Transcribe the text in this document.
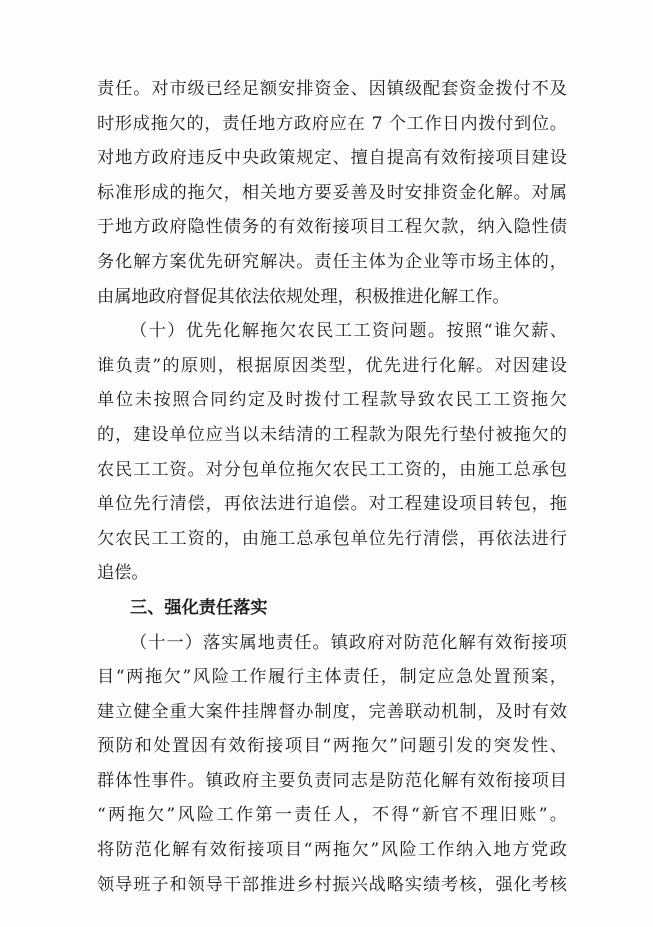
责任。对市级已经足额安排资金、因镇级配套资金拨付不及
时形成拖欠的，责任地方政府应在 7 个工作日内拨付到位。
对地方政府违反中央政策规定、擅自提高有效衔接项目建设
标准形成的拖欠，相关地方要妥善及时安排资金化解。对属
于地方政府隐性债务的有效衔接项目工程欠款，纳入隐性债
务化解方案优先研究解决。责任主体为企业等市场主体的，
由属地政府督促其依法依规处理，积极推进化解工作。
（十）优先化解拖欠农民工工资问题。按照“谁欠薪、
谁负责”的原则，根据原因类型，优先进行化解。对因建设
单位未按照合同约定及时拨付工程款导致农民工工资拖欠
的，建设单位应当以未结清的工程款为限先行垫付被拖欠的
农民工工资。对分包单位拖欠农民工工资的，由施工总承包
单位先行清偿，再依法进行追偿。对工程建设项目转包，拖
欠农民工工资的，由施工总承包单位先行清偿，再依法进行
追偿。
三、强化责任落实
（十一）落实属地责任。镇政府对防范化解有效衔接项
目“两拖欠”风险工作履行主体责任，制定应急处置预案，
建立健全重大案件挂牌督办制度，完善联动机制，及时有效
预防和处置因有效衔接项目“两拖欠”问题引发的突发性、
群体性事件。镇政府主要负责同志是防范化解有效衔接项目
“两拖欠”风险工作第一责任人，不得“新官不理旧账”。
将防范化解有效衔接项目“两拖欠”风险工作纳入地方党政
领导班子和领导干部推进乡村振兴战略实绩考核，强化考核
